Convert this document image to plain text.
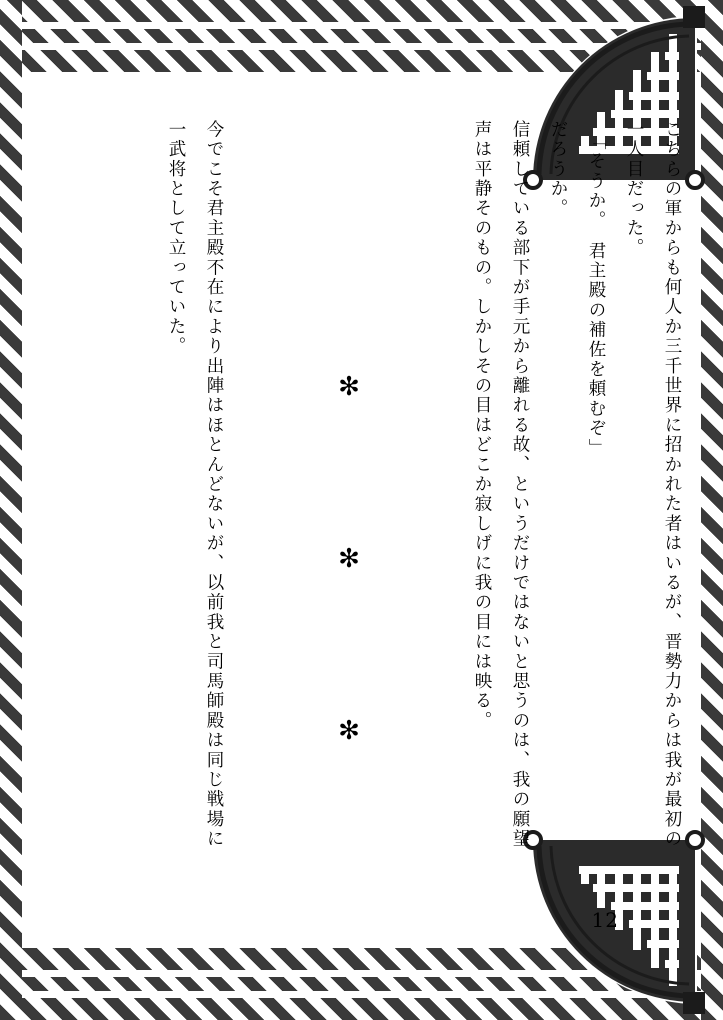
こちらの軍からも何人か三千世界に招かれた者はいるが、晋勢力からは我が最初の
一人目だった。
「そうか。　君主殿の補佐を頼むぞ」
だろうか。
信頼している部下が手元から離れる故、というだけではないと思うのは、我の願望
声は平静そのもの。しかしその目はどこか寂しげに我の目には映る。
✻ ✻ ✻
今でこそ君主殿不在により出陣はほとんどないが、以前我と司馬師殿は同じ戦場に
一武将として立っていた。
12
